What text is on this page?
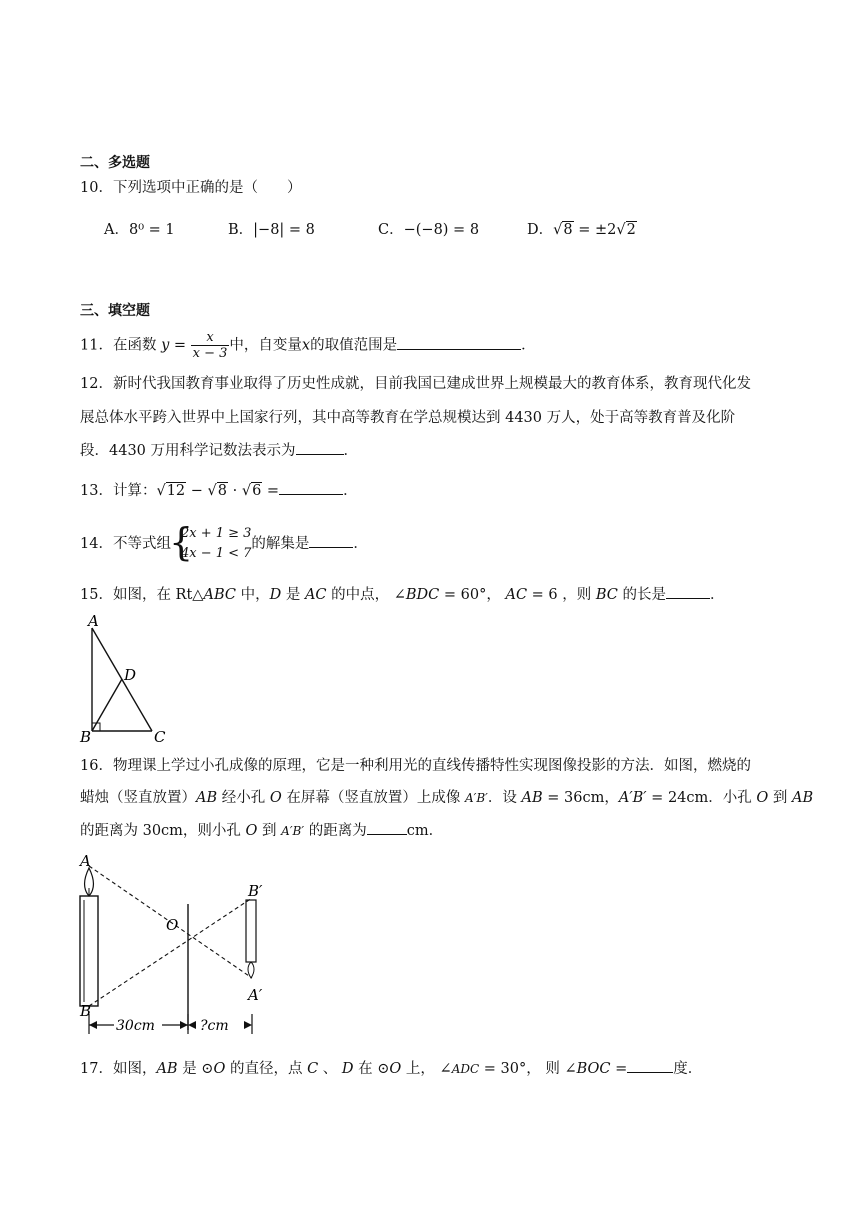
二、多选题
10．下列选项中正确的是（　　）
A．8⁰ = 1	B．|−8| = 8	C．−(−8) = 8	D．√8 = ±2√2
三、填空题
11．在函数 $y = \frac{x}{x - 3}$ 中，自变量x的取值范围是	．
12．新时代我国教育事业取得了历史性成就，目前我国已建成世界上规模最大的教育体系，教育现代化发
展总体水平跨入世界中上国家行列，其中高等教育在学总规模达到 4430 万人，处于高等教育普及化阶
段．4430 万用科学记数法表示为	．
13．计算：√12 − √8 · √6 =	．
14．不等式组
{ 2x + 1 ≥ 3
4x − 1 < 7
的解集是	．
15．如图，在 Rt△ABC 中，D 是 AC 的中点， ∠BDC = 60°， AC = 6 ，则 BC 的长是	．
A
B	C
D
16．物理课上学过小孔成像的原理，它是一种利用光的直线传播特性实现图像投影的方法．如图，燃烧的
蜡烛（竖直放置）AB 经小孔 O 在屏幕（竖直放置）上成像 A′B′．设 AB = 36cm，A′B′ = 24cm．小孔 O 到 AB
的距离为 30cm，则小孔 O 到 A′B′ 的距离为	cm．
30cm	?cm
A
B
O
B′
A′
17．如图，AB 是 ⊙O 的直径，点 C 、 D 在 ⊙O 上， ∠ADC = 30°， 则 ∠BOC =	度．
